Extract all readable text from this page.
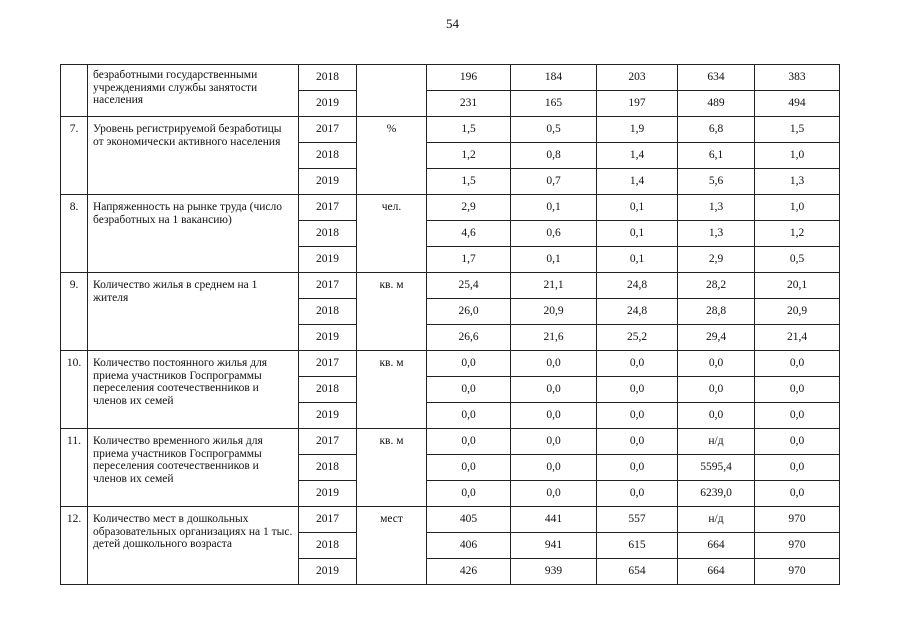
54
	безработными государственными учреждениями службы занятости населения	2018		196	184	203	634	383
		2019		231	165	197	489	494
7.	Уровень регистрируемой безработицы от экономически активного населения	2017	%	1,5	0,5	1,9	6,8	1,5
		2018		1,2	0,8	1,4	6,1	1,0
		2019		1,5	0,7	1,4	5,6	1,3
8.	Напряженность на рынке труда (число безработных на 1 вакансию)	2017	чел.	2,9	0,1	0,1	1,3	1,0
		2018		4,6	0,6	0,1	1,3	1,2
		2019		1,7	0,1	0,1	2,9	0,5
9.	Количество жилья в среднем на 1 жителя	2017	кв. м	25,4	21,1	24,8	28,2	20,1
		2018		26,0	20,9	24,8	28,8	20,9
		2019		26,6	21,6	25,2	29,4	21,4
10.	Количество постоянного жилья для приема участников Госпрограммы переселения соотечественников и членов их семей	2017	кв. м	0,0	0,0	0,0	0,0	0,0
		2018		0,0	0,0	0,0	0,0	0,0
		2019		0,0	0,0	0,0	0,0	0,0
11.	Количество временного жилья для приема участников Госпрограммы переселения соотечественников и членов их семей	2017	кв. м	0,0	0,0	0,0	н/д	0,0
		2018		0,0	0,0	0,0	5595,4	0,0
		2019		0,0	0,0	0,0	6239,0	0,0
12.	Количество мест в дошкольных образовательных организациях на 1 тыс. детей дошкольного возраста	2017	мест	405	441	557	н/д	970
		2018		406	941	615	664	970
		2019		426	939	654	664	970
